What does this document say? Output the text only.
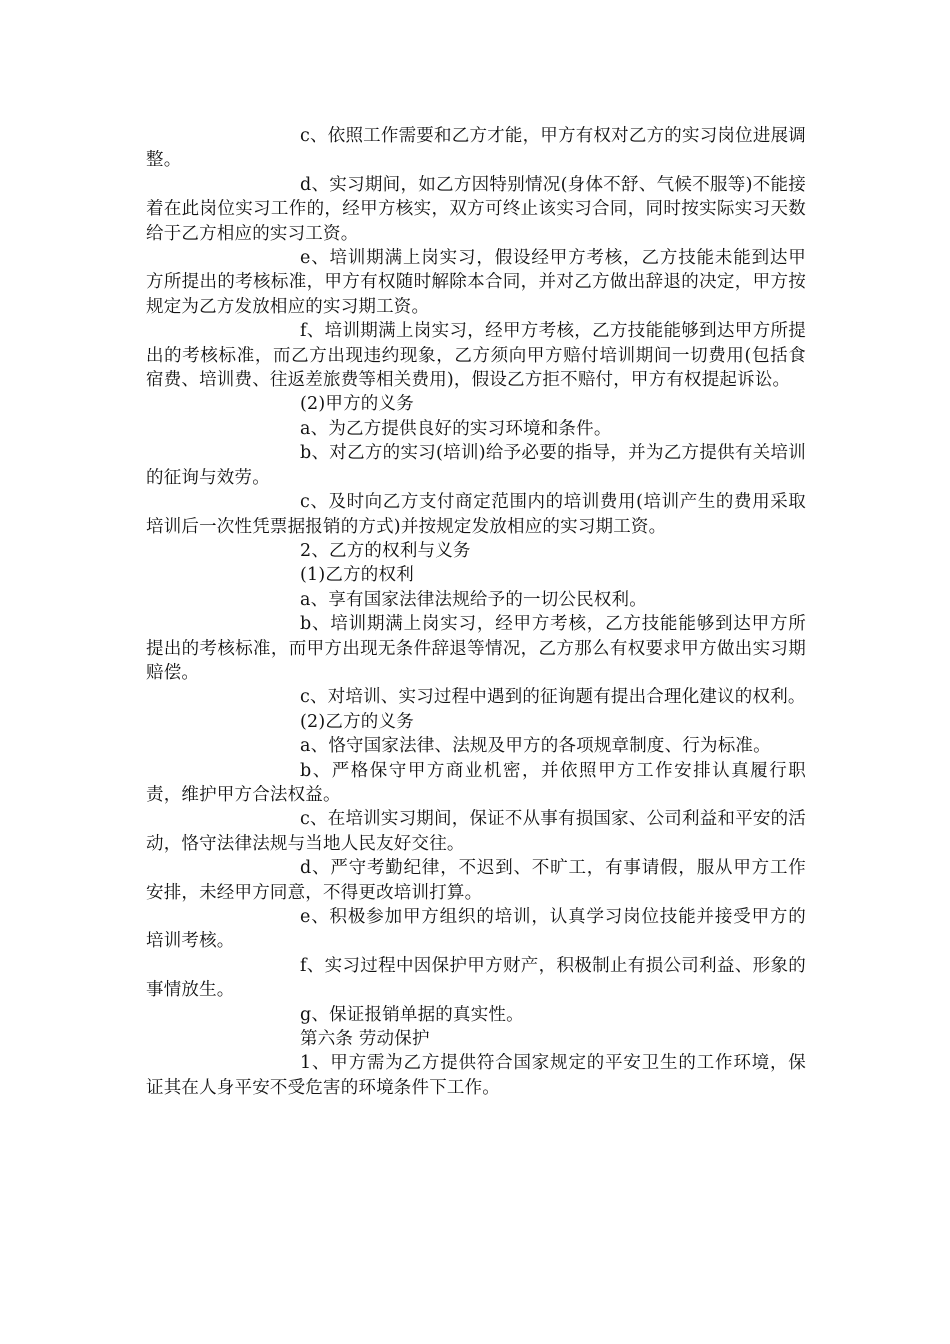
c、依照工作需要和乙方才能，甲方有权对乙方的实习岗位进展调整。

d、实习期间，如乙方因特别情况(身体不舒、气候不服等)不能接着在此岗位实习工作的，经甲方核实，双方可终止该实习合同，同时按实际实习天数给于乙方相应的实习工资。

e、培训期满上岗实习，假设经甲方考核，乙方技能未能到达甲方所提出的考核标准，甲方有权随时解除本合同，并对乙方做出辞退的决定，甲方按规定为乙方发放相应的实习期工资。

f、培训期满上岗实习，经甲方考核，乙方技能能够到达甲方所提出的考核标准，而乙方出现违约现象，乙方须向甲方赔付培训期间一切费用(包括食宿费、培训费、往返差旅费等相关费用)，假设乙方拒不赔付，甲方有权提起诉讼。

(2)甲方的义务

a、为乙方提供良好的实习环境和条件。

b、对乙方的实习(培训)给予必要的指导，并为乙方提供有关培训的征询与效劳。

c、及时向乙方支付商定范围内的培训费用(培训产生的费用采取培训后一次性凭票据报销的方式)并按规定发放相应的实习期工资。

2、乙方的权利与义务

(1)乙方的权利

a、享有国家法律法规给予的一切公民权利。

b、培训期满上岗实习，经甲方考核，乙方技能能够到达甲方所提出的考核标准，而甲方出现无条件辞退等情况，乙方那么有权要求甲方做出实习期赔偿。

c、对培训、实习过程中遇到的征询题有提出合理化建议的权利。

(2)乙方的义务

a、恪守国家法律、法规及甲方的各项规章制度、行为标准。

b、严格保守甲方商业机密，并依照甲方工作安排认真履行职责，维护甲方合法权益。

c、在培训实习期间，保证不从事有损国家、公司利益和平安的活动，恪守法律法规与当地人民友好交往。

d、严守考勤纪律，不迟到、不旷工，有事请假，服从甲方工作安排，未经甲方同意，不得更改培训打算。

e、积极参加甲方组织的培训，认真学习岗位技能并接受甲方的培训考核。

f、实习过程中因保护甲方财产，积极制止有损公司利益、形象的事情放生。

g、保证报销单据的真实性。

第六条 劳动保护

1、甲方需为乙方提供符合国家规定的平安卫生的工作环境，保证其在人身平安不受危害的环境条件下工作。
